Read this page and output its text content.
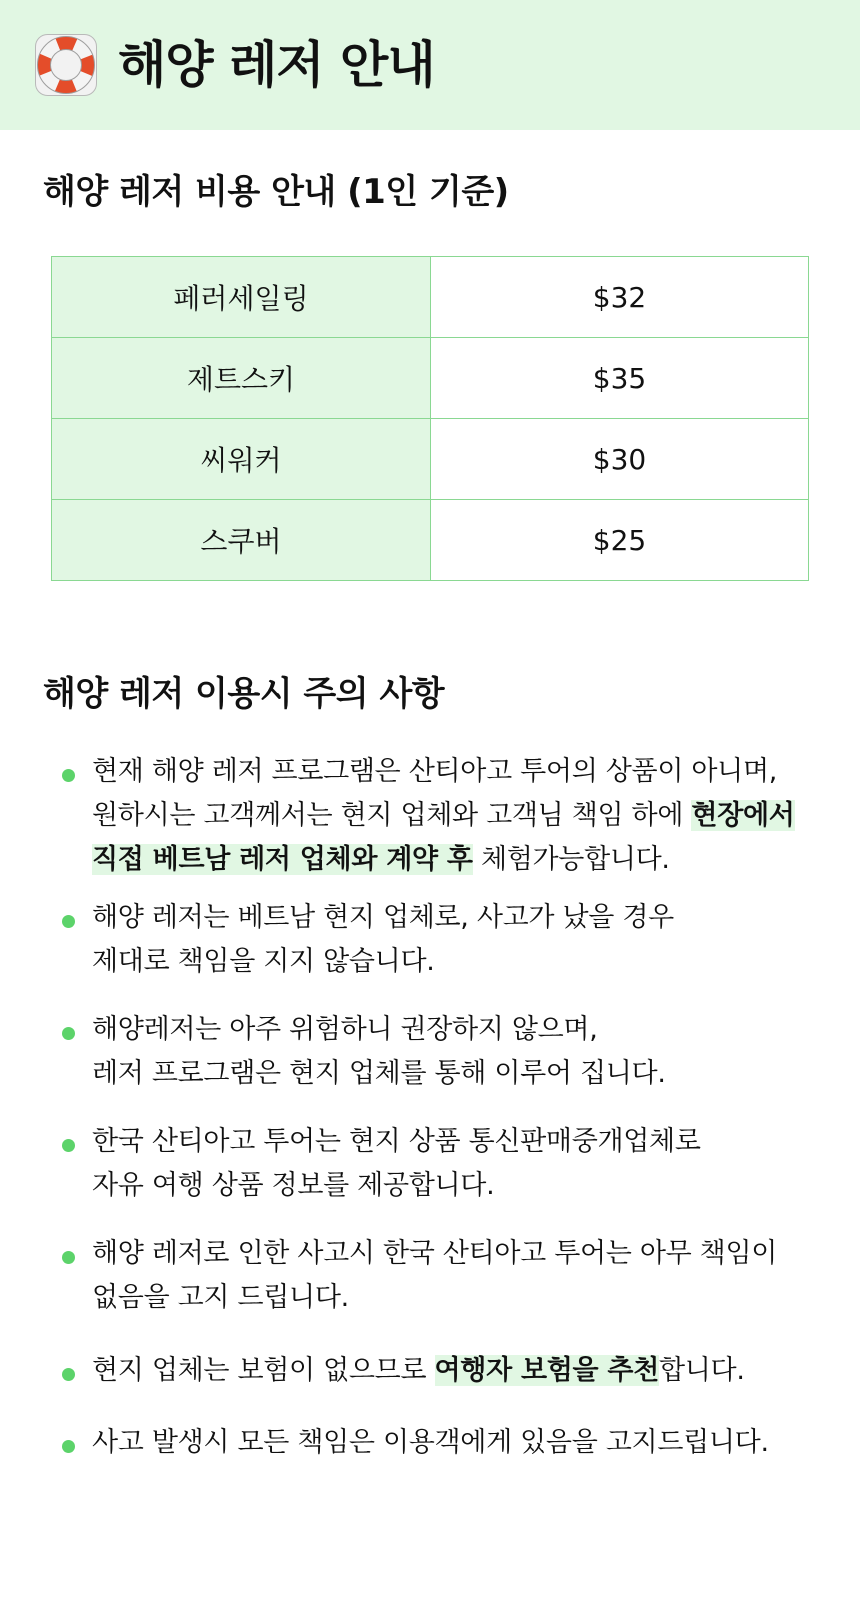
해양 레저 안내
해양 레저 비용 안내 (1인 기준)
페러세일링	$32
제트스키	$35
씨워커	$30
스쿠버	$25
해양 레저 이용시 주의 사항
현재 해양 레저 프로그램은 산티아고 투어의 상품이 아니며,
원하시는 고객께서는 현지 업체와 고객님 책임 하에 현장에서
직접 베트남 레저 업체와 계약 후 체험가능합니다.
해양 레저는 베트남 현지 업체로, 사고가 났을 경우
제대로 책임을 지지 않습니다.
해양레저는 아주 위험하니 권장하지 않으며,
레저 프로그램은 현지 업체를 통해 이루어 집니다.
한국 산티아고 투어는 현지 상품 통신판매중개업체로
자유 여행 상품 정보를 제공합니다.
해양 레저로 인한 사고시 한국 산티아고 투어는 아무 책임이
없음을 고지 드립니다.
현지 업체는 보험이 없으므로 여행자 보험을 추천합니다.
사고 발생시 모든 책임은 이용객에게 있음을 고지드립니다.
